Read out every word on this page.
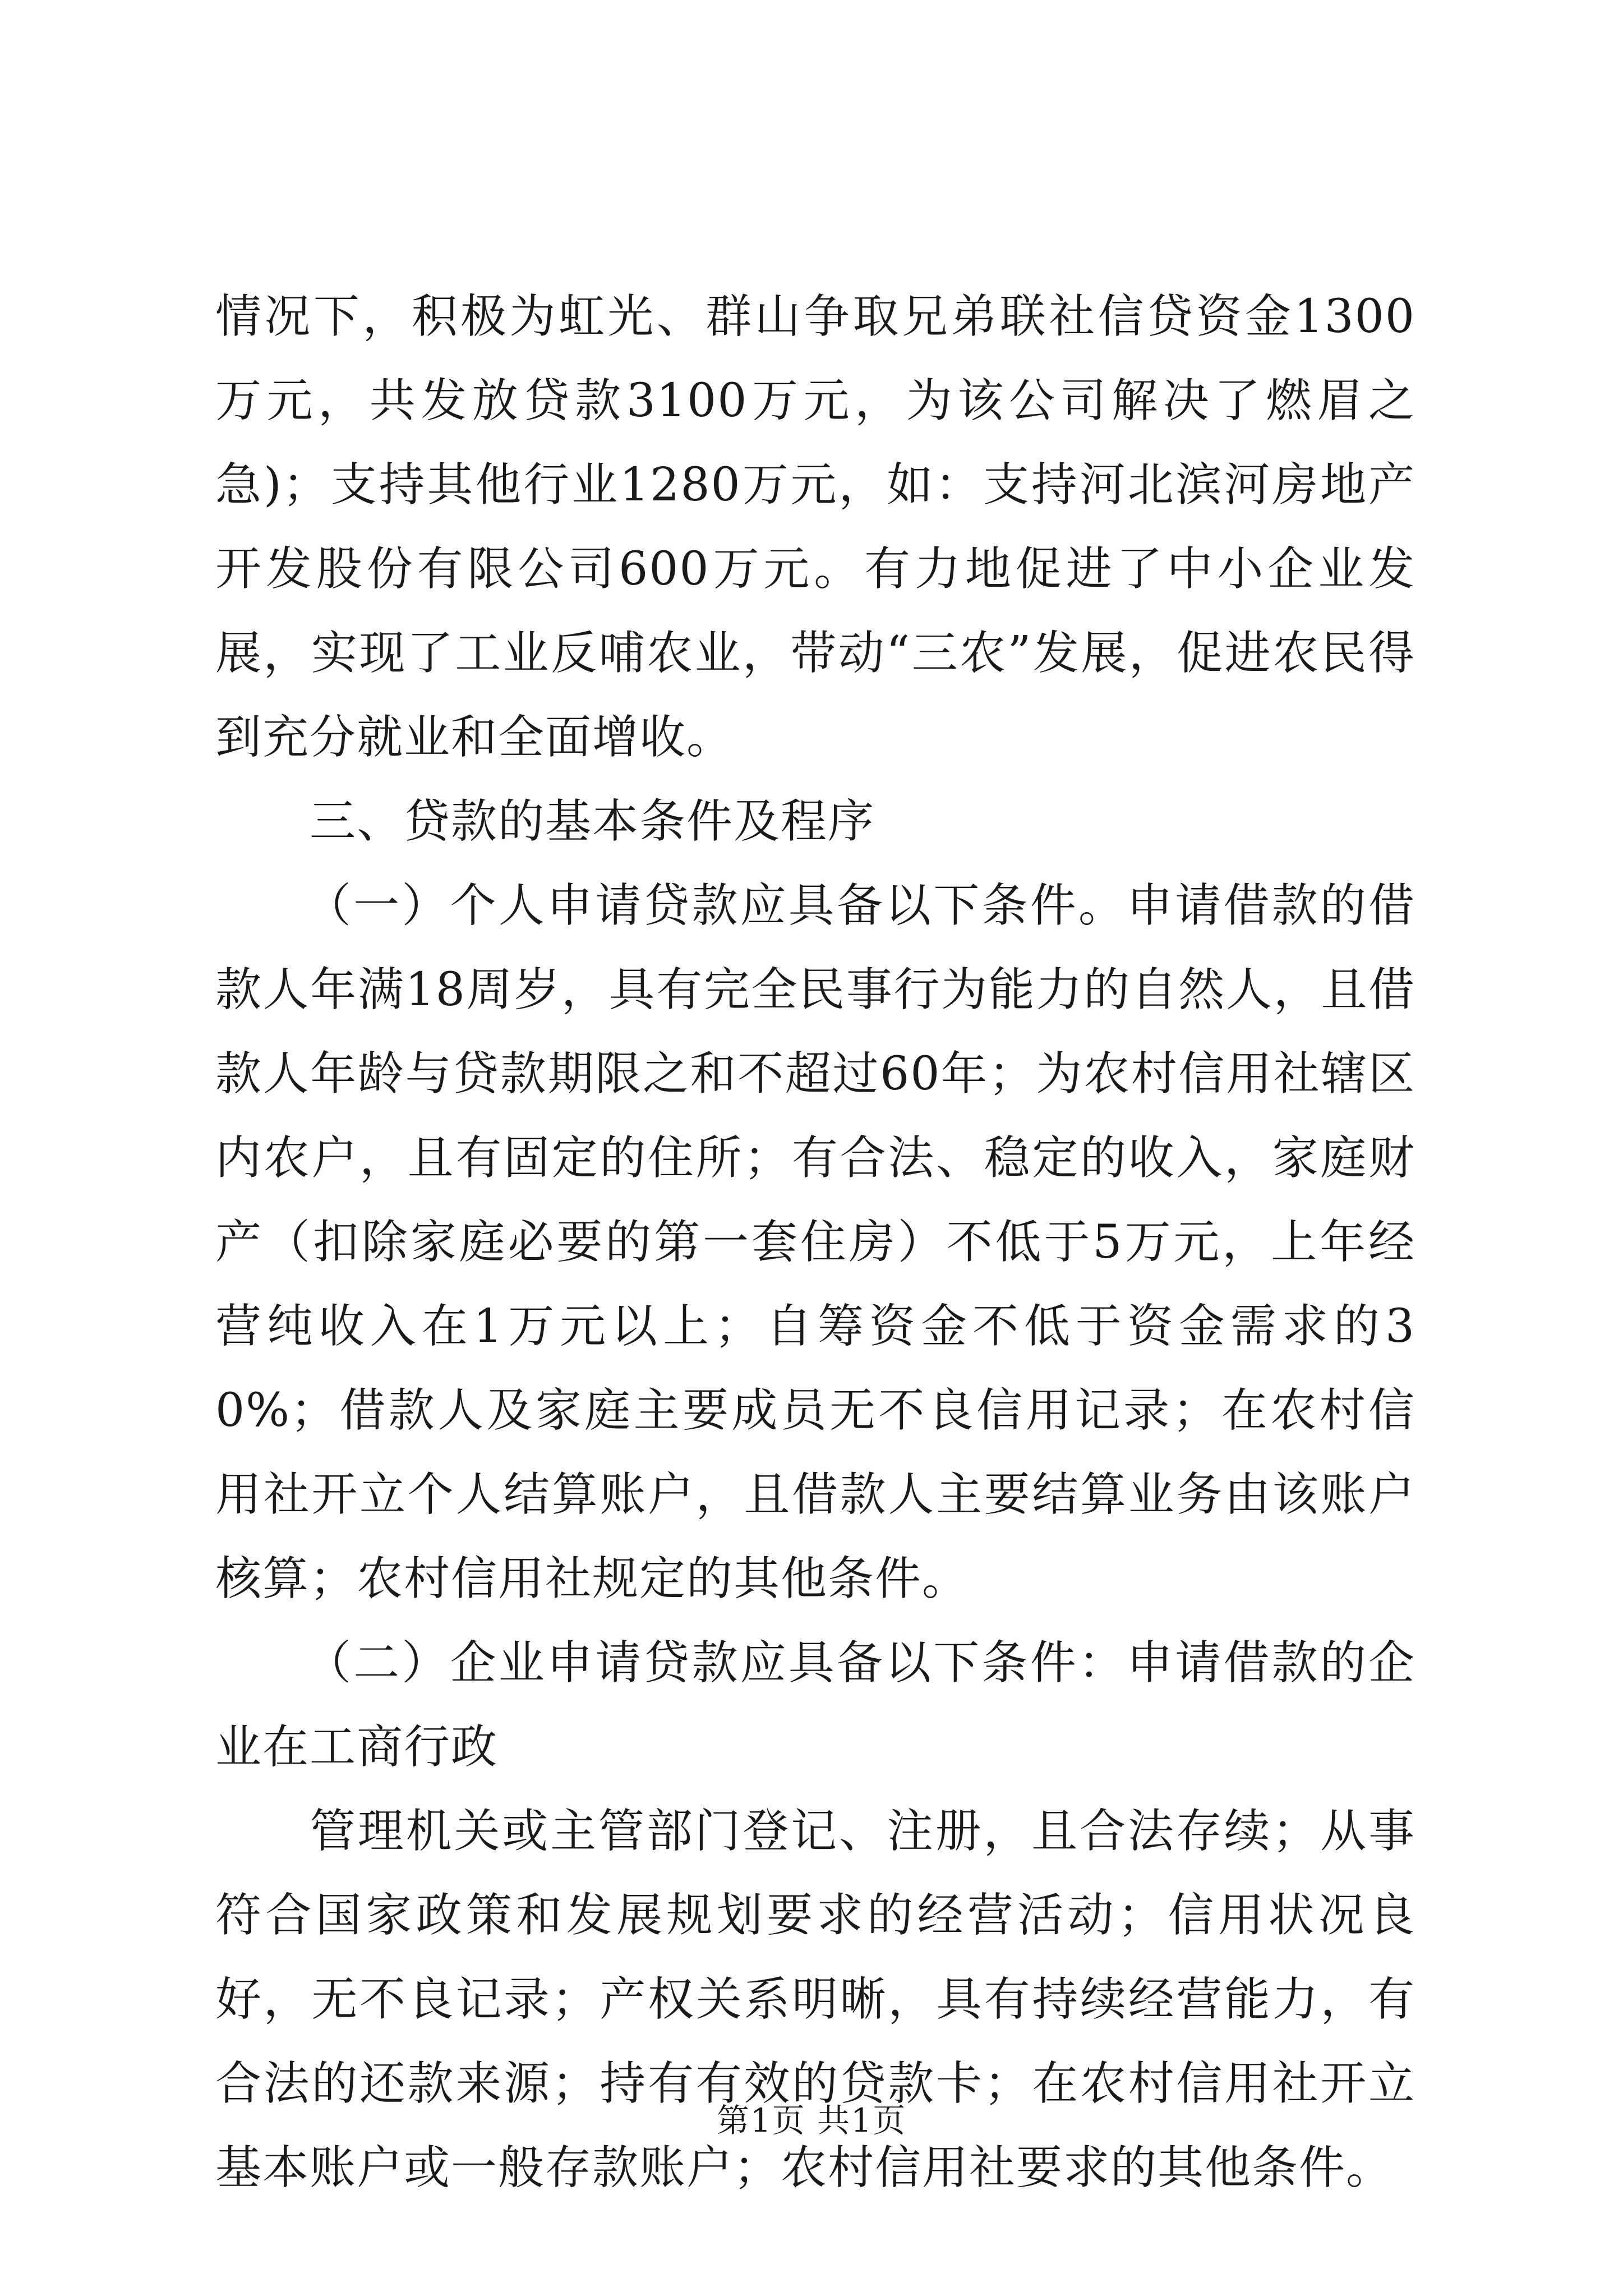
情况下，积极为虹光、群山争取兄弟联社信贷资金1300万元，共发放贷款3100万元，为该公司解决了燃眉之急)；支持其他行业1280万元，如：支持河北滨河房地产开发股份有限公司600万元。有力地促进了中小企业发展，实现了工业反哺农业，带动“三农”发展，促进农民得到充分就业和全面增收。

三、贷款的基本条件及程序

（一）个人申请贷款应具备以下条件。申请借款的借款人年满18周岁，具有完全民事行为能力的自然人，且借款人年龄与贷款期限之和不超过60年；为农村信用社辖区内农户，且有固定的住所；有合法、稳定的收入，家庭财产（扣除家庭必要的第一套住房）不低于5万元，上年经营纯收入在1万元以上；自筹资金不低于资金需求的30%；借款人及家庭主要成员无不良信用记录；在农村信用社开立个人结算账户，且借款人主要结算业务由该账户核算；农村信用社规定的其他条件。

（二）企业申请贷款应具备以下条件：申请借款的企业在工商行政

管理机关或主管部门登记、注册，且合法存续；从事符合国家政策和发展规划要求的经营活动；信用状况良好，无不良记录；产权关系明晰，具有持续经营能力，有合法的还款来源；持有有效的贷款卡；在农村信用社开立基本账户或一般存款账户；农村信用社要求的其他条件。

第1页 共1页
